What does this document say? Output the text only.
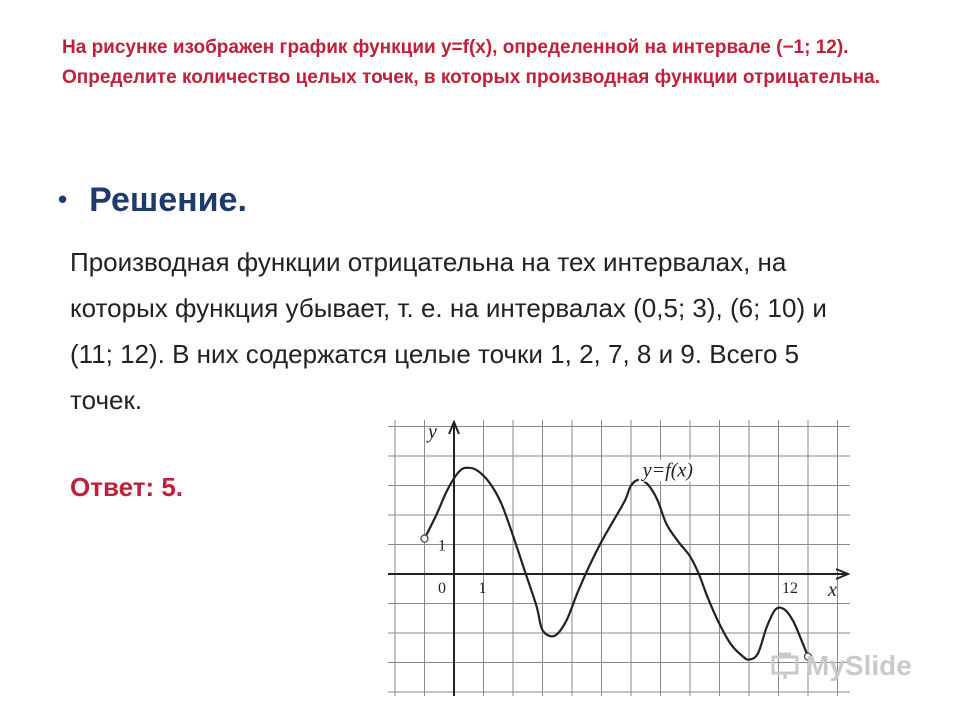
На рисунке изображен график функции y=f(x), определенной на интервале (−1; 12). Определите количество целых точек, в которых производная функции отрицательна.

• Решение.

Производная функции отрицательна на тех интервалах, на которых функция убывает, т. е. на интервалах (0,5; 3), (6; 10) и (11; 12). В них содержатся целые точки 1, 2, 7, 8 и 9. Всего 5 точек.

Ответ: 5.
y
x
y=f(x)
0 1	12
1
MySlide
